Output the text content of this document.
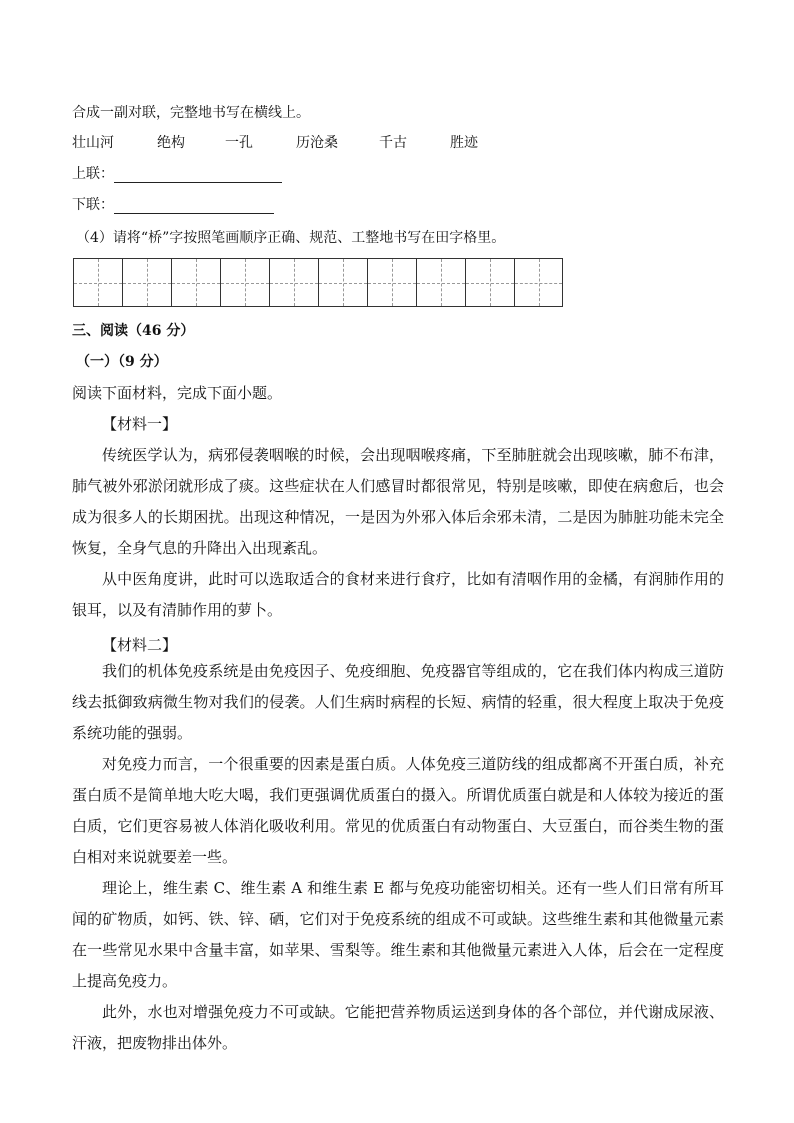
合成一副对联，完整地书写在横线上。
壮山河	绝构	一孔	历沧桑	千古	胜迹
上联：
下联：
（4）请将“桥”字按照笔画顺序正确、规范、工整地书写在田字格里。
三、阅读（46 分）
（一）（9 分）
阅读下面材料，完成下面小题。
【材料一】

传统医学认为，病邪侵袭咽喉的时候，会出现咽喉疼痛，下至肺脏就会出现咳嗽，肺不布津，肺气被外邪淤闭就形成了痰。这些症状在人们感冒时都很常见，特别是咳嗽，即使在病愈后，也会成为很多人的长期困扰。出现这种情况，一是因为外邪入体后余邪未清，二是因为肺脏功能未完全恢复，全身气息的升降出入出现紊乱。

从中医角度讲，此时可以选取适合的食材来进行食疗，比如有清咽作用的金橘，有润肺作用的银耳，以及有清肺作用的萝卜。

【材料二】

我们的机体免疫系统是由免疫因子、免疫细胞、免疫器官等组成的，它在我们体内构成三道防线去抵御致病微生物对我们的侵袭。人们生病时病程的长短、病情的轻重，很大程度上取决于免疫系统功能的强弱。

对免疫力而言，一个很重要的因素是蛋白质。人体免疫三道防线的组成都离不开蛋白质，补充蛋白质不是简单地大吃大喝，我们更强调优质蛋白的摄入。所谓优质蛋白就是和人体较为接近的蛋白质，它们更容易被人体消化吸收利用。常见的优质蛋白有动物蛋白、大豆蛋白，而谷类生物的蛋白相对来说就要差一些。

理论上，维生素 C、维生素 A 和维生素 E 都与免疫功能密切相关。还有一些人们日常有所耳闻的矿物质，如钙、铁、锌、硒，它们对于免疫系统的组成不可或缺。这些维生素和其他微量元素在一些常见水果中含量丰富，如苹果、雪梨等。维生素和其他微量元素进入人体，后会在一定程度上提高免疫力。

此外，水也对增强免疫力不可或缺。它能把营养物质运送到身体的各个部位，并代谢成尿液、汗液，把废物排出体外。
